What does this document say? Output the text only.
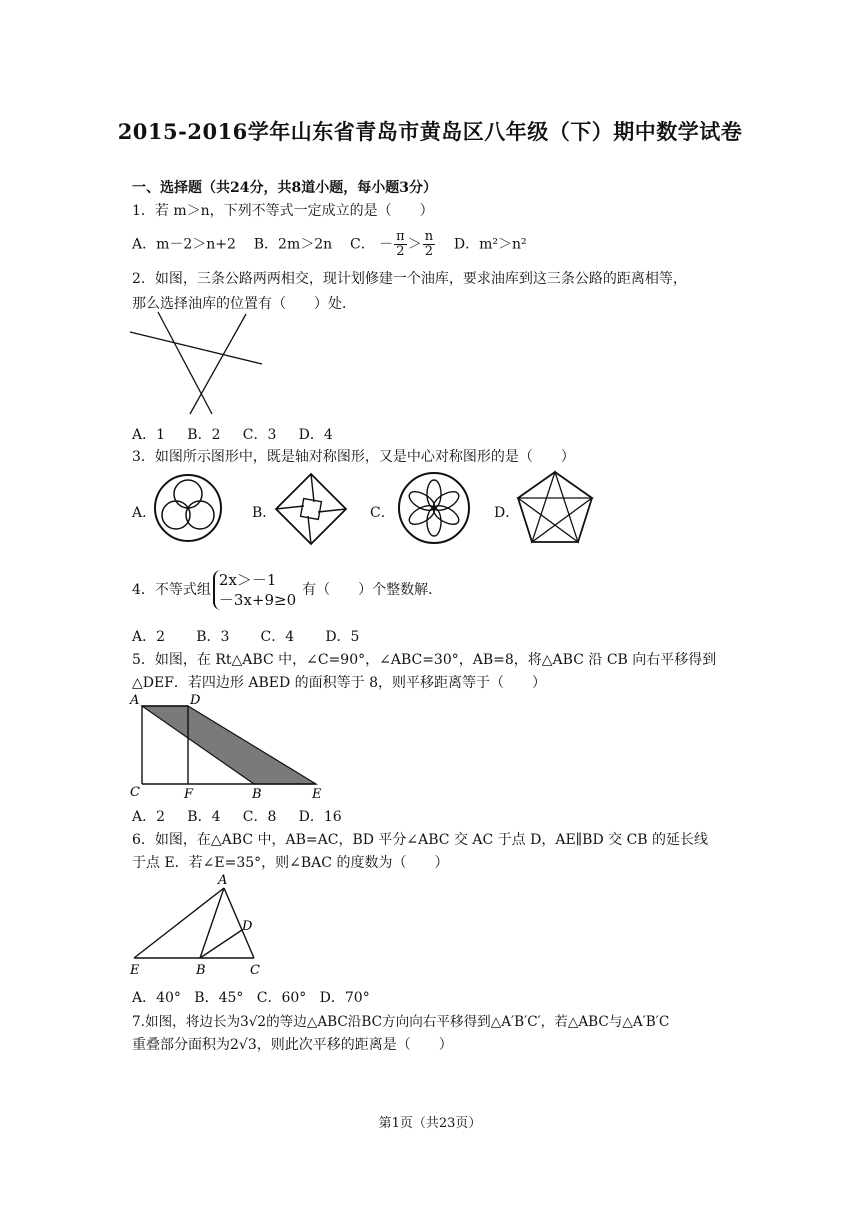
2015-2016学年山东省青岛市黄岛区八年级（下）期中数学试卷
一、选择题（共24分，共8道小题，每小题3分）
1．若 m＞n，下列不等式一定成立的是（　　）
A．m－2＞n+2 B．2m＞2n C． － $\frac{\pi}{2} > \frac{n}{2}$ D．m²＞n²
2．如图，三条公路两两相交，现计划修建一个油库，要求油库到这三条公路的距离相等，
那么选择油库的位置有（　　）处．
A．1 B．2 C．3 D．4
3．如图所示图形中，既是轴对称图形，又是中心对称图形的是（　　）
A．	B．	C．	D．
4．不等式组
2x＞－1
－3x+9≥0
有（　　）个整数解．
A．2 B．3 C．4 D．5
5．如图，在 Rt△ABC 中，∠C=90°，∠ABC=30°，AB=8，将△ABC 沿 CB 向右平移得到
△DEF．若四边形 ABED 的面积等于 8，则平移距离等于（　　）
A	D
C	F	B	E
A．2 B．4 C．8 D．16
6．如图，在△ABC 中，AB=AC，BD 平分∠ABC 交 AC 于点 D，AE∥BD 交 CB 的延长线
于点 E．若∠E=35°，则∠BAC 的度数为（　　）
A
D
E	B	C
A．40° B．45° C．60° D．70°
7.如图，将边长为3√2的等边△ABC沿BC方向向右平移得到△A′B′C′，若△ABC与△A′B′C
重叠部分面积为2√3，则此次平移的距离是（　　）
第1页（共23页）
